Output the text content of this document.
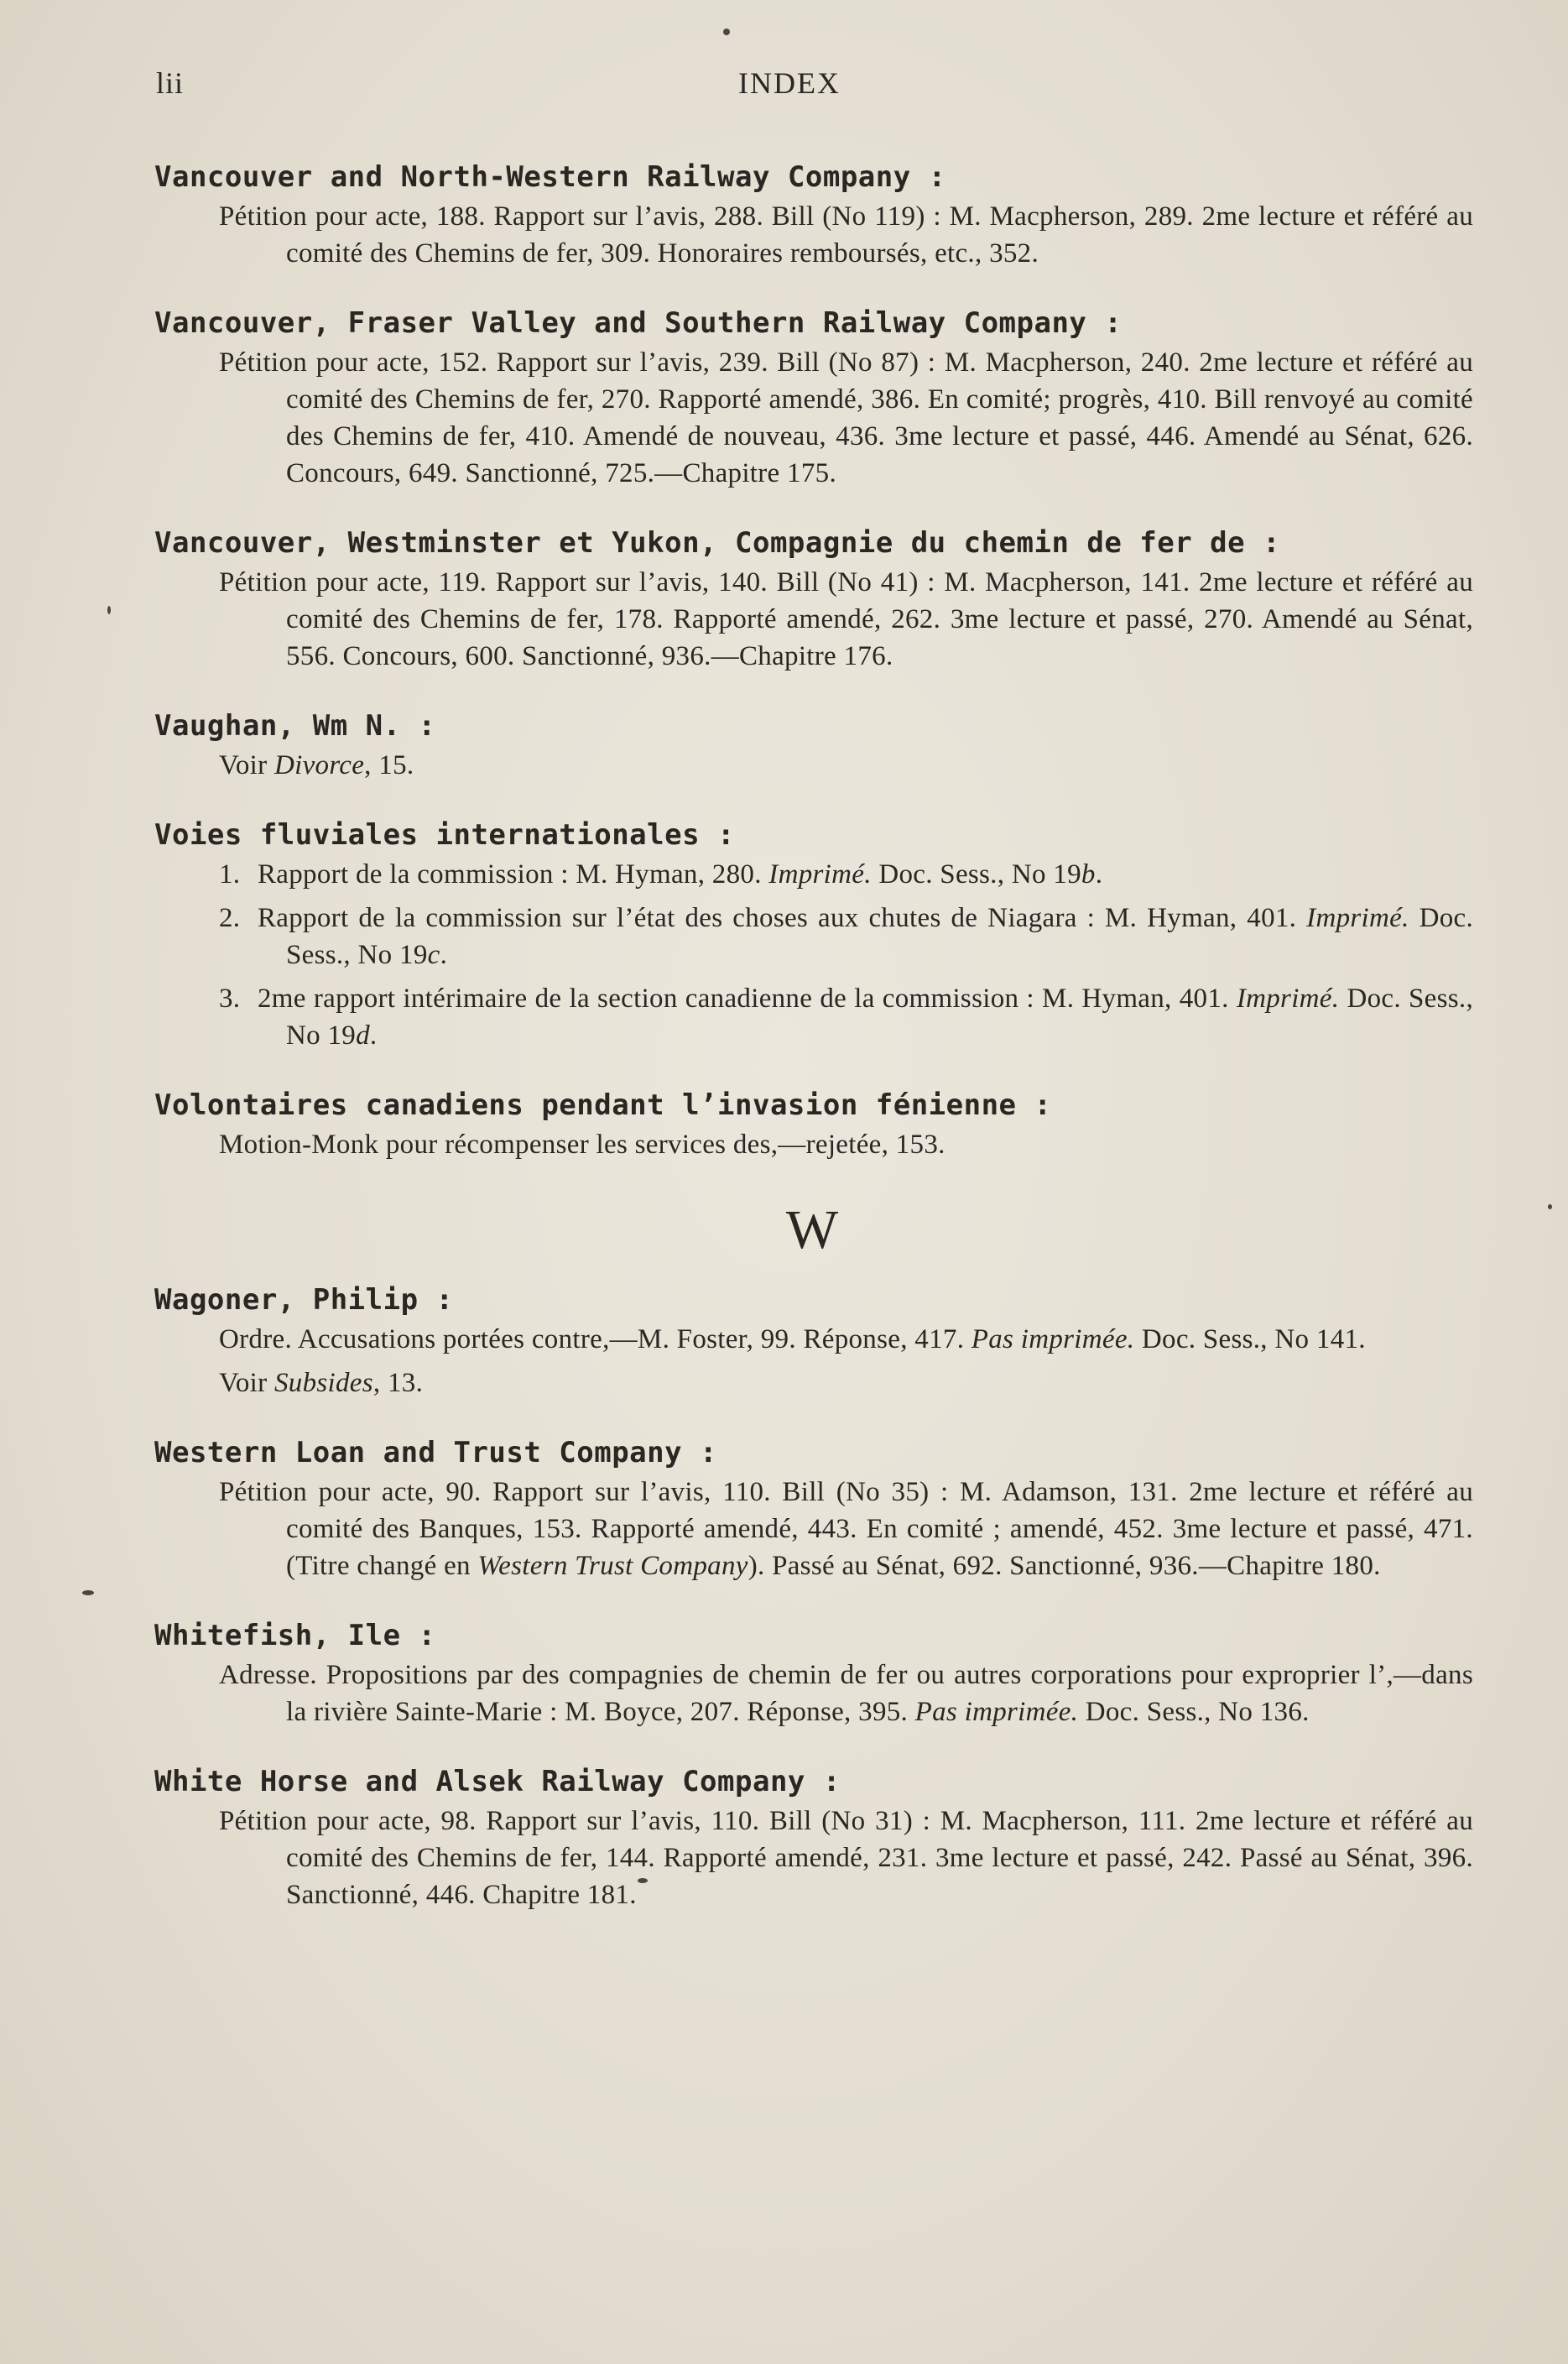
lii	INDEX
Vancouver and North-Western Railway Company :
Pétition pour acte, 188. Rapport sur l’avis, 288. Bill (No 119) : M. Macpherson, 289. 2me lecture et référé au comité des Chemins de fer, 309. Honoraires remboursés, etc., 352.
Vancouver, Fraser Valley and Southern Railway Company :
Pétition pour acte, 152. Rapport sur l’avis, 239. Bill (No 87) : M. Macpherson, 240. 2me lecture et référé au comité des Chemins de fer, 270. Rapporté amendé, 386. En comité; progrès, 410. Bill renvoyé au comité des Chemins de fer, 410. Amendé de nouveau, 436. 3me lecture et passé, 446. Amendé au Sénat, 626. Concours, 649. Sanctionné, 725.—Chapitre 175.
Vancouver, Westminster et Yukon, Compagnie du chemin de fer de :
Pétition pour acte, 119. Rapport sur l’avis, 140. Bill (No 41) : M. Macpherson, 141. 2me lecture et référé au comité des Chemins de fer, 178. Rapporté amendé, 262. 3me lecture et passé, 270. Amendé au Sénat, 556. Concours, 600. Sanctionné, 936.—Chapitre 176.
Vaughan, Wm N. :
Voir Divorce, 15.
Voies fluviales internationales :
1. Rapport de la commission : M. Hyman, 280. Imprimé. Doc. Sess., No 19b.
2. Rapport de la commission sur l’état des choses aux chutes de Niagara : M. Hyman, 401. Imprimé. Doc. Sess., No 19c.
3. 2me rapport intérimaire de la section canadienne de la commission : M. Hyman, 401. Imprimé. Doc. Sess., No 19d.
Volontaires canadiens pendant l’invasion fénienne :
Motion-Monk pour récompenser les services des,—rejetée, 153.
W
Wagoner, Philip :
Ordre. Accusations portées contre,—M. Foster, 99. Réponse, 417. Pas imprimée. Doc. Sess., No 141.
Voir Subsides, 13.
Western Loan and Trust Company :
Pétition pour acte, 90. Rapport sur l’avis, 110. Bill (No 35) : M. Adamson, 131. 2me lecture et référé au comité des Banques, 153. Rapporté amendé, 443. En comité ; amendé, 452. 3me lecture et passé, 471. (Titre changé en Western Trust Company). Passé au Sénat, 692. Sanctionné, 936.—Chapitre 180.
Whitefish, Ile :
Adresse. Propositions par des compagnies de chemin de fer ou autres corporations pour exproprier l’,—dans la rivière Sainte-Marie : M. Boyce, 207. Réponse, 395. Pas imprimée. Doc. Sess., No 136.
White Horse and Alsek Railway Company :
Pétition pour acte, 98. Rapport sur l’avis, 110. Bill (No 31) : M. Macpherson, 111. 2me lecture et référé au comité des Chemins de fer, 144. Rapporté amendé, 231. 3me lecture et passé, 242. Passé au Sénat, 396. Sanctionné, 446. Chapitre 181.
